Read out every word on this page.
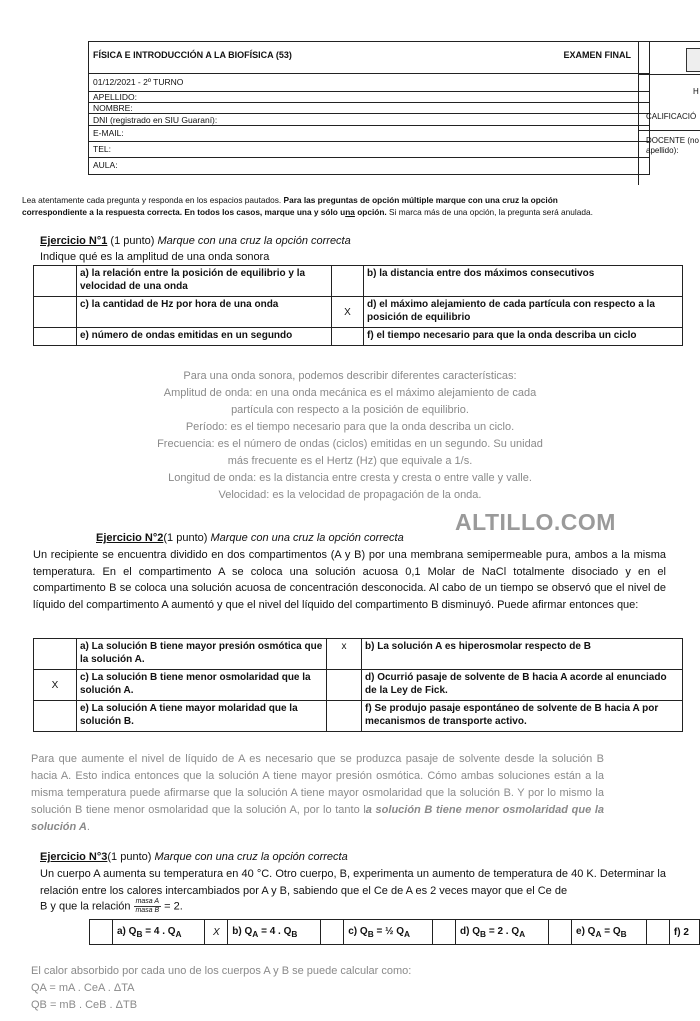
FÍSICA E INTRODUCCIÓN A LA BIOFÍSICA (53)	EXAMEN FINAL
01/12/2021 - 2º TURNO
APELLIDO:
NOMBRE:
DNI (registrado en SIU Guaraní):
E-MAIL:
TEL:
AULA:
H
CALIFICACIÓ
DOCENTE (no
apellido):
Lea atentamente cada pregunta y responda en los espacios pautados. Para las preguntas de opción múltiple marque con una cruz la opción
correspondiente a la respuesta correcta. En todos los casos, marque una y sólo una opción. Si marca más de una opción, la pregunta será anulada.
Ejercicio N°1 (1 punto) Marque con una cruz la opción correcta
Indique qué es la amplitud de una onda sonora
	a) la relación entre la posición de equilibrio y la velocidad de una onda		b) la distancia entre dos máximos consecutivos
	c) la cantidad de Hz por hora de una onda	X	d) el máximo alejamiento de cada partícula con respecto a la posición de equilibrio
	e) número de ondas emitidas en un segundo		f) el tiempo necesario para que la onda describa un ciclo
Para una onda sonora, podemos describir diferentes características:
Amplitud de onda: en una onda mecánica es el máximo alejamiento de cada
partícula con respecto a la posición de equilibrio.
Período: es el tiempo necesario para que la onda describa un ciclo.
Frecuencia: es el número de ondas (ciclos) emitidas en un segundo. Su unidad
más frecuente es el Hertz (Hz) que equivale a 1/s.
Longitud de onda: es la distancia entre cresta y cresta o entre valle y valle.
Velocidad: es la velocidad de propagación de la onda.
ALTILLO.COM
Ejercicio N°2(1 punto) Marque con una cruz la opción correcta
Un recipiente se encuentra dividido en dos compartimentos (A y B) por una membrana semipermeable pura, ambos a la misma temperatura. En el compartimento A se coloca una solución acuosa 0,1 Molar de NaCl totalmente disociado y en el compartimento B se coloca una solución acuosa de concentración desconocida. Al cabo de un tiempo se observó que el nivel de líquido del compartimento A aumentó y que el nivel del líquido del compartimento B disminuyó. Puede afirmar entonces que:
	a) La solución B tiene mayor presión osmótica que la solución A.	x	b) La solución A es hiperosmolar respecto de B
X	c) La solución B tiene menor osmolaridad que la solución A.		d) Ocurrió pasaje de solvente de B hacia A acorde al enunciado de la Ley de Fick.
	e) La solución A tiene mayor molaridad que la solución B.		f) Se produjo pasaje espontáneo de solvente de B hacia A por mecanismos de transporte activo.
Para que aumente el nivel de líquido de A es necesario que se produzca pasaje de solvente desde la solución B hacia A. Esto indica entonces que la solución A tiene mayor presión osmótica. Cómo ambas soluciones están a la misma temperatura puede afirmarse que la solución A tiene mayor osmolaridad que la solución B. Y por lo mismo la solución B tiene menor osmolaridad que la solución A, por lo tanto la solución B tiene menor osmolaridad que la solución A.
Ejercicio N°3(1 punto) Marque con una cruz la opción correcta
Un cuerpo A aumenta su temperatura en 40 °C. Otro cuerpo, B, experimenta un aumento de temperatura de 40 K. Determinar la relación entre los calores intercambiados por A y B, sabiendo que el Ce de A es 2 veces mayor que el Ce de
B y que la relación $\frac{\text{masa A}}{\text{masa B}} = 2$.
	a) $Q_B = 4$ . $Q_A$	X	b) $Q_A = 4$ . $Q_B$		c) $Q_B$ = ½ $Q_A$		d) $Q_B = 2$ . $Q_A$		e) $Q_A = Q_B$		f) 2
El calor absorbido por cada uno de los cuerpos A y B se puede calcular como:
QA = mA . CeA . ΔTA
QB = mB . CeB . ΔTB
